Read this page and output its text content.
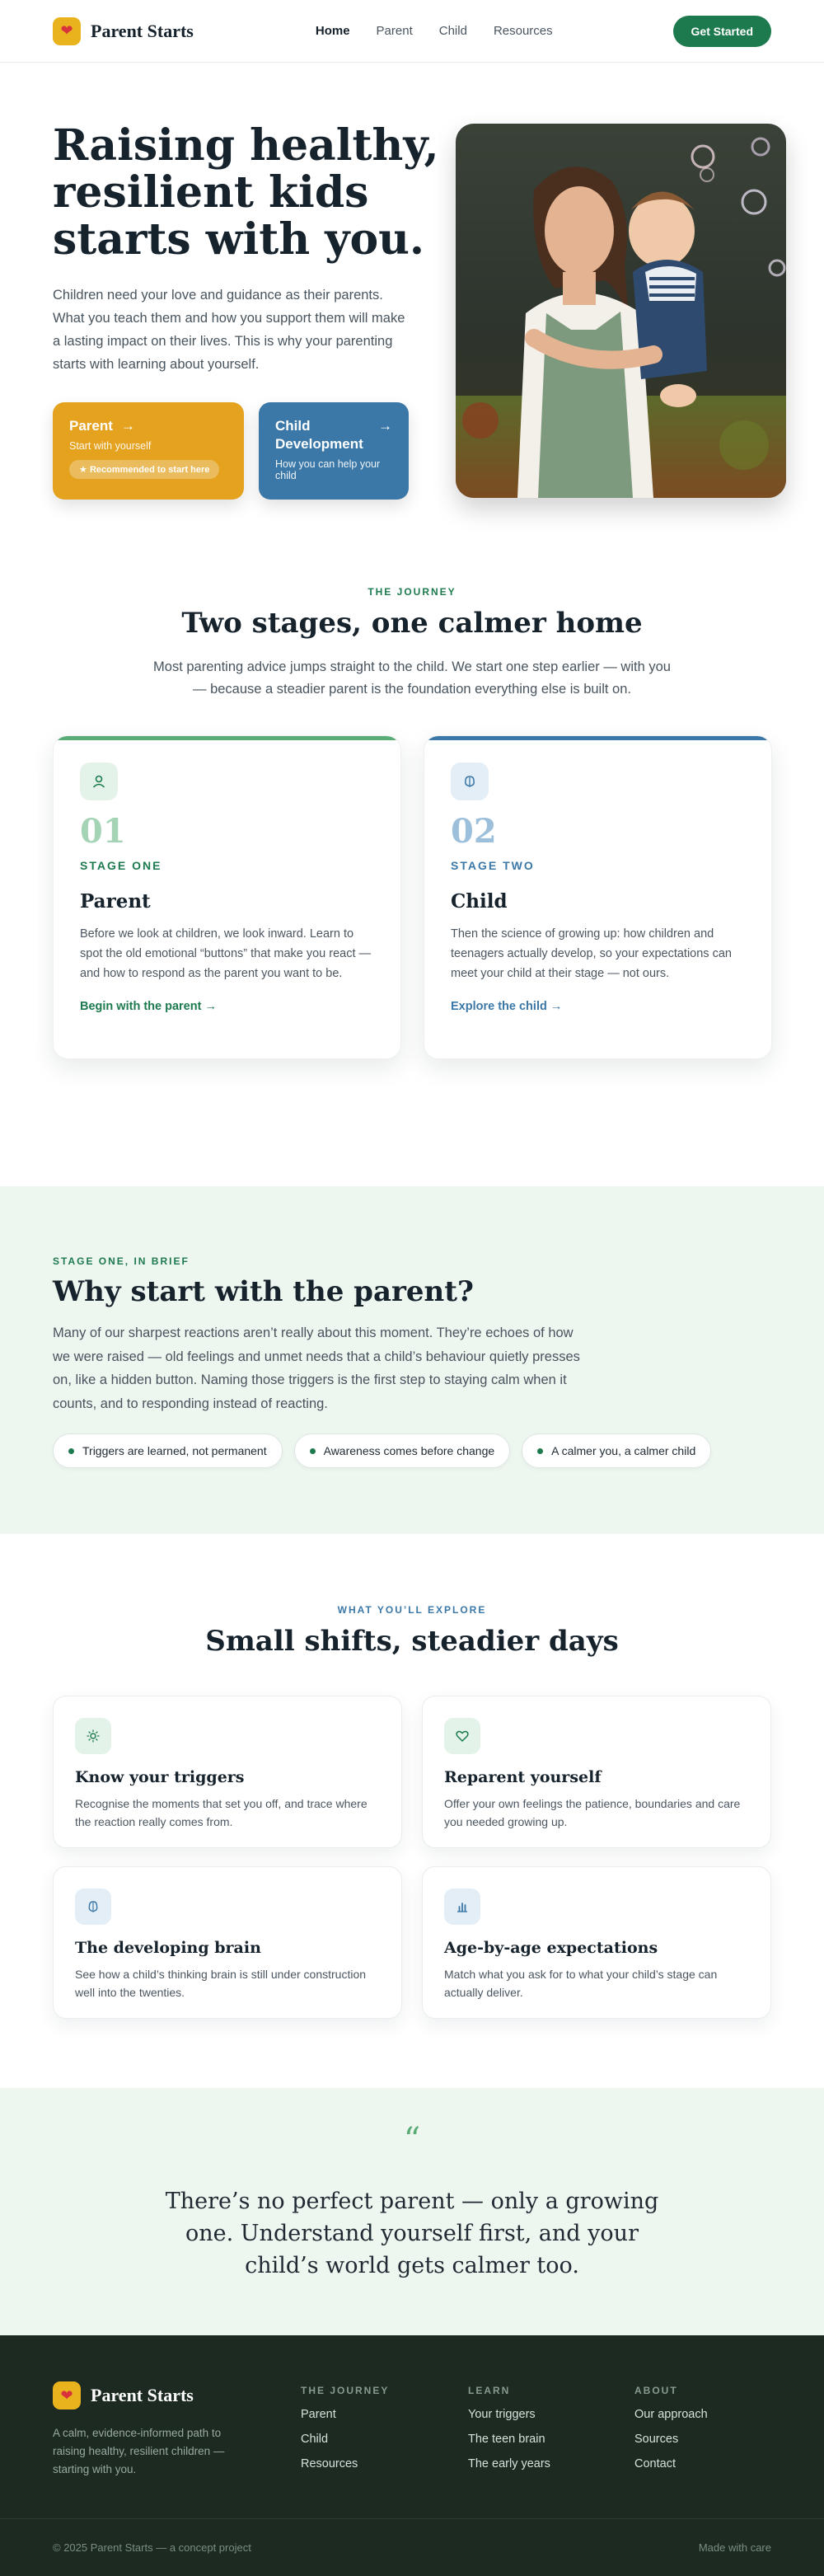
❤ Parent Starts	Home Parent Child Resources	Get Started
Raising healthy, resilient kids starts with you.

Children need your love and guidance as their parents. What you teach them and how you support them will make a lasting impact on their lives. This is why your parenting starts with learning about yourself.

Parent →
Start with yourself
★ Recommended to start here
Child Development
→
How you can help your child
THE JOURNEY
Two stages, one calmer home

Most parenting advice jumps straight to the child. We start one step earlier — with you — because a steadier parent is the foundation everything else is built on.

01
STAGE ONE
Parent

Before we look at children, we look inward. Learn to spot the old emotional “buttons” that make you react — and how to respond as the parent you want to be.

Begin with the parent →
02
STAGE TWO
Child

Then the science of growing up: how children and teenagers actually develop, so your expectations can meet your child at their stage — not ours.

Explore the child →
STAGE ONE, IN BRIEF
Why start with the parent?

Many of our sharpest reactions aren’t really about this moment. They’re echoes of how we were raised — old feelings and unmet needs that a child’s behaviour quietly presses on, like a hidden button. Naming those triggers is the first step to staying calm when it counts, and to responding instead of reacting.

Triggers are learned, not permanent	Awareness comes before change	A calmer you, a calmer child
WHAT YOU’LL EXPLORE
Small shifts, steadier days
Know your triggers

Recognise the moments that set you off, and trace where the reaction really comes from.

Reparent yourself

Offer your own feelings the patience, boundaries and care you needed growing up.

The developing brain

See how a child’s thinking brain is still under construction well into the twenties.

Age-by-age expectations

Match what you ask for to what your child’s stage can actually deliver.

“
There’s no perfect parent — only a growing one. Understand yourself first, and your child’s world gets calmer too.
❤ Parent Starts

A calm, evidence-informed path to raising healthy, resilient children — starting with you.

THE JOURNEY
Parent
Child
Resources
LEARN
Your triggers
The teen brain
The early years
ABOUT
Our approach
Sources
Contact
© 2025 Parent Starts — a concept project	Made with care
